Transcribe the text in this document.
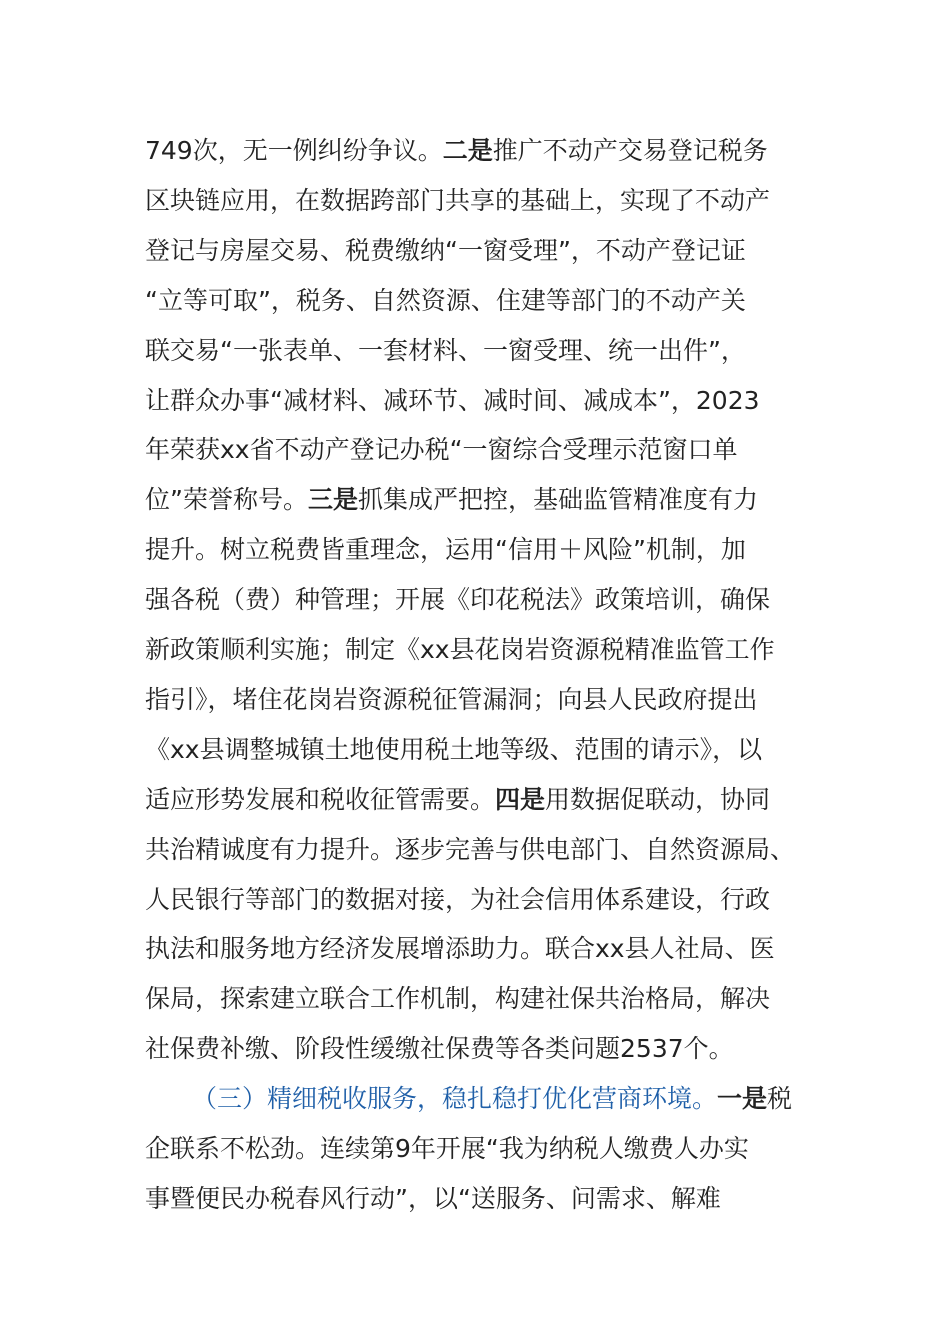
749次，无一例纠纷争议。二是推广不动产交易登记税务
区块链应用，在数据跨部门共享的基础上，实现了不动产
登记与房屋交易、税费缴纳“一窗受理”，不动产登记证
“立等可取”，税务、自然资源、住建等部门的不动产关
联交易“一张表单、一套材料、一窗受理、统一出件”，
让群众办事“减材料、减环节、减时间、减成本”，2023
年荣获xx省不动产登记办税“一窗综合受理示范窗口单
位”荣誉称号。三是抓集成严把控，基础监管精准度有力
提升。树立税费皆重理念，运用“信用＋风险”机制，加
强各税（费）种管理；开展《印花税法》政策培训，确保
新政策顺利实施；制定《xx县花岗岩资源税精准监管工作
指引》，堵住花岗岩资源税征管漏洞；向县人民政府提出
《xx县调整城镇土地使用税土地等级、范围的请示》，以
适应形势发展和税收征管需要。四是用数据促联动，协同
共治精诚度有力提升。逐步完善与供电部门、自然资源局、
人民银行等部门的数据对接，为社会信用体系建设，行政
执法和服务地方经济发展增添助力。联合xx县人社局、医
保局，探索建立联合工作机制，构建社保共治格局，解决
社保费补缴、阶段性缓缴社保费等各类问题2537个。
（三）精细税收服务，稳扎稳打优化营商环境。一是税
企联系不松劲。连续第9年开展“我为纳税人缴费人办实
事暨便民办税春风行动”，以“送服务、问需求、解难
